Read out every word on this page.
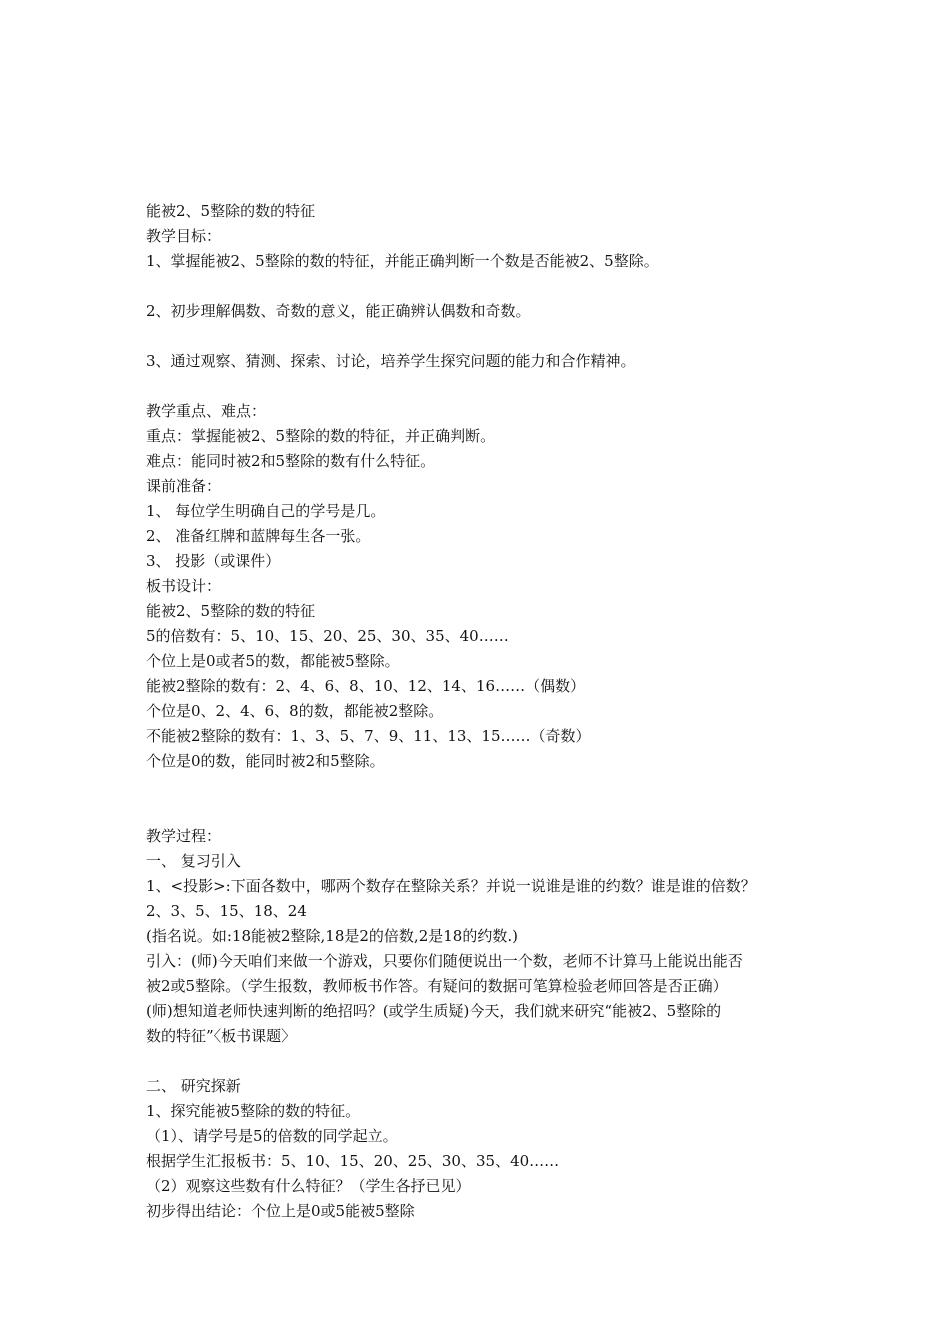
能被2、5整除的数的特征
教学目标：
1、掌握能被2、5整除的数的特征，并能正确判断一个数是否能被2、5整除。
2、初步理解偶数、奇数的意义，能正确辨认偶数和奇数。
3、通过观察、猜测、探索、讨论，培养学生探究问题的能力和合作精神。
教学重点、难点：
重点：掌握能被2、5整除的数的特征，并正确判断。
难点：能同时被2和5整除的数有什么特征。
课前准备：
1、 每位学生明确自己的学号是几。
2、 准备红牌和蓝牌每生各一张。
3、 投影（或课件）
板书设计：
能被2、5整除的数的特征
5的倍数有：5、10、15、20、25、30、35、40……
个位上是0或者5的数，都能被5整除。
能被2整除的数有：2、4、6、8、10、12、14、16……（偶数）
个位是0、2、4、6、8的数，都能被2整除。
不能被2整除的数有：1、3、5、7、9、11、13、15……（奇数）
个位是0的数，能同时被2和5整除。
教学过程：
一、 复习引入
1、<投影>:下面各数中，哪两个数存在整除关系？并说一说谁是谁的约数？谁是谁的倍数？
2、3、5、15、18、24
(指名说。如:18能被2整除,18是2的倍数,2是18的约数.)
引入：(师)今天咱们来做一个游戏，只要你们随便说出一个数，老师不计算马上能说出能否
被2或5整除。（学生报数，教师板书作答。有疑问的数据可笔算检验老师回答是否正确）
(师)想知道老师快速判断的绝招吗？(或学生质疑)今天，我们就来研究“能被2、5整除的
数的特征”〈板书课题〉
二、 研究探新
1、探究能被5整除的数的特征。
（1）、请学号是5的倍数的同学起立。
根据学生汇报板书：5、10、15、20、25、30、35、40……
（2）观察这些数有什么特征？（学生各抒已见）
初步得出结论：个位上是0或5能被5整除
